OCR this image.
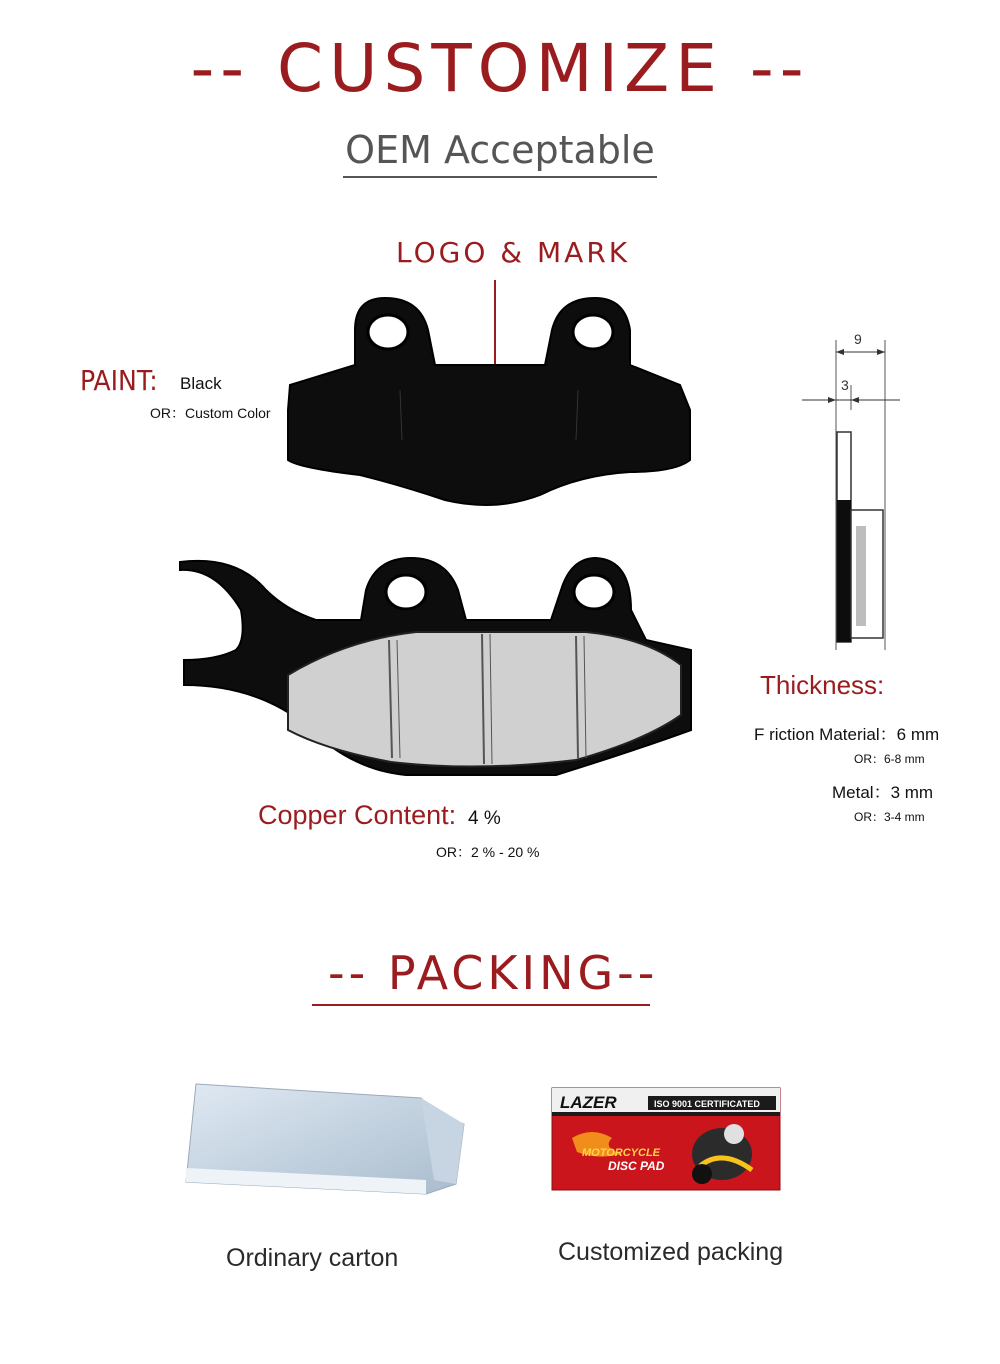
-- CUSTOMIZE --
OEM Acceptable
LOGO & MARK
PAINT: Black
OR：Custom Color
9
3
Thickness:
F riction Material：6 mm
OR：6-8 mm
Metal：3 mm
OR：3-4 mm
Copper Content: 4 %
OR：2 % - 20 %
-- PACKING--
LAZER	ISO 9001 CERTIFICATED
MOTORCYCLE
DISC PAD
Ordinary carton	Customized packing
